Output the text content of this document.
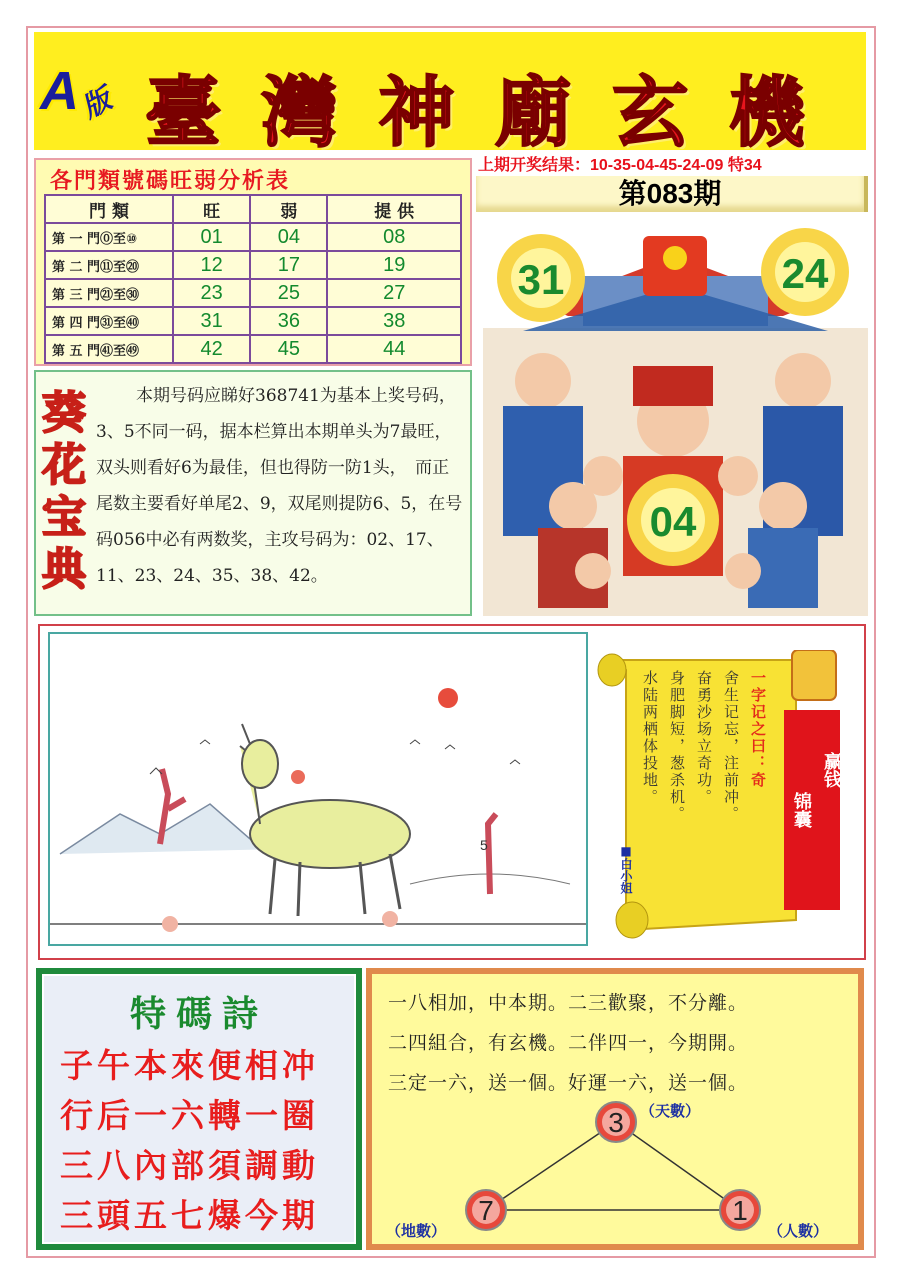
A
版 臺 灣 神 廟 玄 機
上期开奖结果：10-35-04-45-24-09 特34
第083期
各門類號碼旺弱分析表
門 類	旺	弱	提 供
第 一 門⓪至⑩	01	04	08
第 二 門⑪至⑳	12	17	19
第 三 門㉑至㉚	23	25	27
第 四 門㉛至㊵	31	36	38
第 五 門㊶至㊾	42	45	44
葵
花
宝
典
本期号码应睇好368741为基本上奖号码，3、5不同一码，据本栏算出本期单头为7最旺，双头则看好6为最佳，但也得防一防1头，　而正尾数主要看好单尾2、9，双尾则提防6、5，在号码056中必有两数奖，主攻号码为：02、17、11、23、24、35、38、42。
31	24
04
5
一字记之曰：奇
舍生记忘，注前冲。
奋勇沙场立奇功。
身肥脚短，葱杀机。
水陆两栖体投地。
■白小姐
赢钱
锦囊
特碼詩
子午本來便相冲
行后一六轉一圈
三八內部須調動
三頭五七爆今期
一八相加，中本期。二三歡聚，不分離。
二四組合，有玄機。二伴四一，今期開。
三定一六，送一個。好運一六，送一個。
3
7	1
（天數）
（地數）	（人數）
